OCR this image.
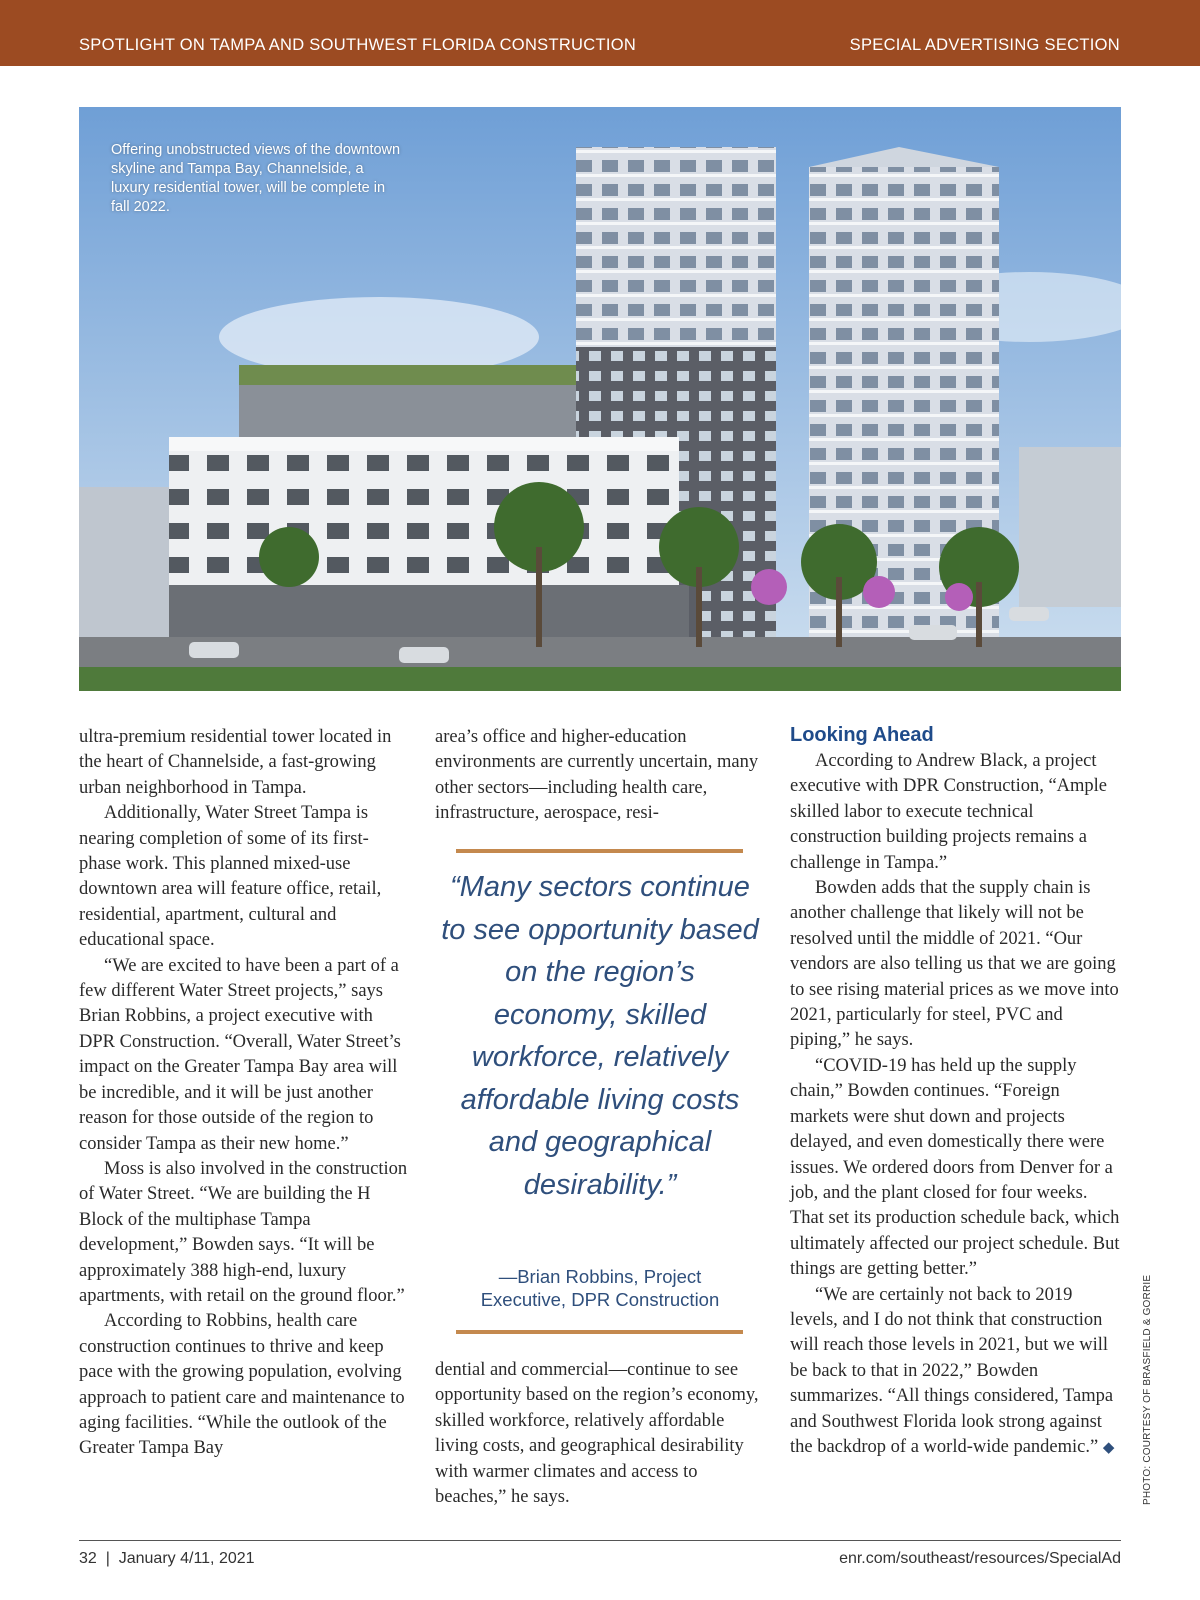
SPOTLIGHT ON TAMPA AND SOUTHWEST FLORIDA CONSTRUCTION	SPECIAL ADVERTISING SECTION
Offering unobstructed views of the downtown skyline and Tampa Bay, Channelside, a luxury residential tower, will be complete in fall 2022.

ultra-premium residential tower located in the heart of Channelside, a fast-growing urban neighborhood in Tampa.

Additionally, Water Street Tampa is nearing completion of some of its first-phase work. This planned mixed-use downtown area will feature office, retail, residential, apartment, cultural and educational space.

“We are excited to have been a part of a few different Water Street projects,” says Brian Robbins, a project executive with DPR Construction. “Overall, Water Street’s impact on the Greater Tampa Bay area will be incredible, and it will be just another reason for those outside of the region to consider Tampa as their new home.”

Moss is also involved in the construction of Water Street. “We are building the H Block of the multiphase Tampa development,” Bowden says. “It will be approximately 388 high-end, luxury apartments, with retail on the ground floor.”

According to Robbins, health care construction continues to thrive and keep pace with the growing population, evolving approach to patient care and maintenance to aging facilities. “While the outlook of the Greater Tampa Bay

area’s office and higher-education environments are currently uncertain, many other sectors—including health care, infrastructure, aerospace, resi-

“Many sectors continue to see opportunity based on the region’s economy, skilled workforce, relatively affordable living costs and geographical desirability.”
—Brian Robbins, Project
Executive, DPR Construction

dential and commercial—continue to see opportunity based on the region’s economy, skilled workforce, relatively affordable living costs, and geographical desirability with warmer climates and access to beaches,” he says.

Looking Ahead

According to Andrew Black, a project executive with DPR Construction, “Ample skilled labor to execute technical construction building projects remains a challenge in Tampa.”

Bowden adds that the supply chain is another challenge that likely will not be resolved until the middle of 2021. “Our vendors are also telling us that we are going to see rising material prices as we move into 2021, particularly for steel, PVC and piping,” he says.

“COVID-19 has held up the supply chain,” Bowden continues. “Foreign markets were shut down and projects delayed, and even domestically there were issues. We ordered doors from Denver for a job, and the plant closed for four weeks. That set its production schedule back, which ultimately affected our project schedule. But things are getting better.”

“We are certainly not back to 2019 levels, and I do not think that construction will reach those levels in 2021, but we will be back to that in 2022,” Bowden summarizes. “All things considered, Tampa and Southwest Florida look strong against the backdrop of a world-wide pandemic.” ◆	PHOTO: COURTESY OF BRASFIELD & GORRIE
32  |  January 4/11, 2021	enr.com/southeast/resources/SpecialAd
